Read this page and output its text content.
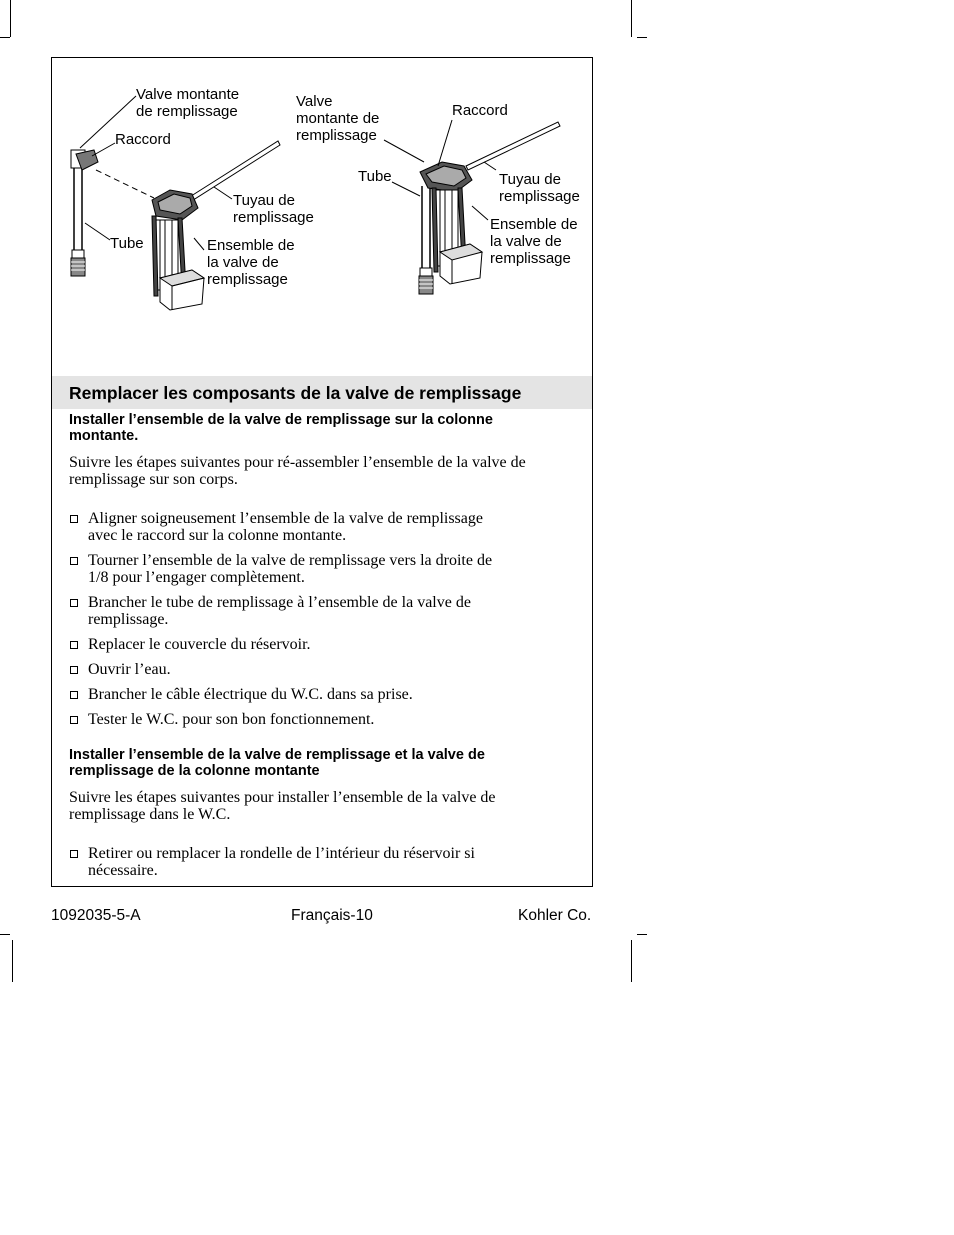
Valve montante
de remplissage
Raccord
Tuyau de
remplissage
Tube	Ensemble de
la valve de
remplissage
Valve
montante de
remplissage
Raccord
Tube	Tuyau de
remplissage
Ensemble de
la valve de
remplissage
Remplacer les composants de la valve de remplissage
Installer l’ensemble de la valve de remplissage sur la colonne
montante.

Suivre les étapes suivantes pour ré-assembler l’ensemble de la valve de
remplissage sur son corps.

Aligner soigneusement l’ensemble de la valve de remplissage
avec le raccord sur la colonne montante.
Tourner l’ensemble de la valve de remplissage vers la droite de
1/8 pour l’engager complètement.
Brancher le tube de remplissage à l’ensemble de la valve de
remplissage.
Replacer le couvercle du réservoir.
Ouvrir l’eau.
Brancher le câble électrique du W.C. dans sa prise.
Tester le W.C. pour son bon fonctionnement.
Installer l’ensemble de la valve de remplissage et la valve de
remplissage de la colonne montante

Suivre les étapes suivantes pour installer l’ensemble de la valve de
remplissage dans le W.C.

Retirer ou remplacer la rondelle de l’intérieur du réservoir si
nécessaire.
1092035-5-A	Français-10	Kohler Co.
